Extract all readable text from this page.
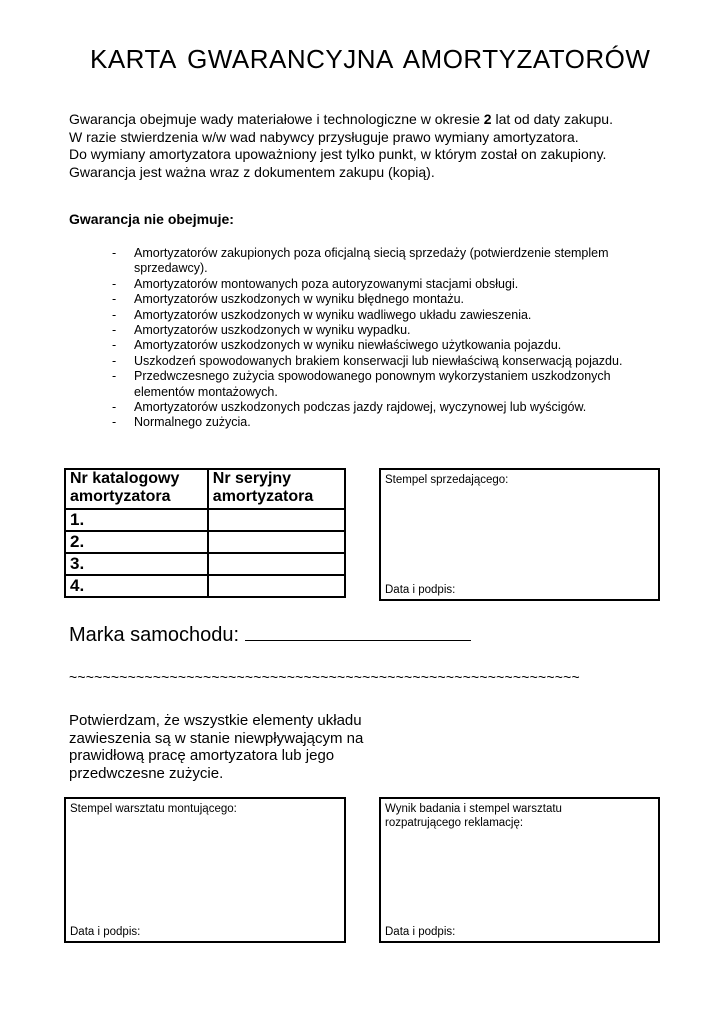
KARTA GWARANCYJNA AMORTYZATORÓW
Gwarancja obejmuje wady materiałowe i technologiczne w okresie 2 lat od daty zakupu.
W razie stwierdzenia w/w wad nabywcy przysługuje prawo wymiany amortyzatora.
Do wymiany amortyzatora upoważniony jest tylko punkt, w którym został on zakupiony.
Gwarancja jest ważna wraz z dokumentem zakupu (kopią).
Gwarancja nie obejmuje:
- Amortyzatorów zakupionych poza oficjalną siecią sprzedaży (potwierdzenie stemplem sprzedawcy).
- Amortyzatorów montowanych poza autoryzowanymi stacjami obsługi.
- Amortyzatorów uszkodzonych w wyniku błędnego montażu.
- Amortyzatorów uszkodzonych w wyniku wadliwego układu zawieszenia.
- Amortyzatorów uszkodzonych w wyniku wypadku.
- Amortyzatorów uszkodzonych w wyniku niewłaściwego użytkowania pojazdu.
- Uszkodzeń spowodowanych brakiem konserwacji lub niewłaściwą konserwacją pojazdu.
- Przedwczesnego zużycia spowodowanego ponownym wykorzystaniem uszkodzonych elementów montażowych.
- Amortyzatorów uszkodzonych podczas jazdy rajdowej, wyczynowej lub wyścigów.
- Normalnego zużycia.
Nr katalogowy amortyzatora	Nr seryjny amortyzatora
1.	
2.	
3.	
4.	
Stempel sprzedającego:
Data i podpis:
Marka samochodu:
~~~~~~~~~~~~~~~~~~~~~~~~~~~~~~~~~~~~~~~~~~~~~~~~~~~~~~~~~~~~~
Potwierdzam, że wszystkie elementy układu zawieszenia są w stanie niewpływającym na prawidłową pracę amortyzatora lub jego przedwczesne zużycie.
Stempel warsztatu montującego:
Data i podpis:
Wynik badania i stempel warsztatu rozpatrującego reklamację:
Data i podpis:
